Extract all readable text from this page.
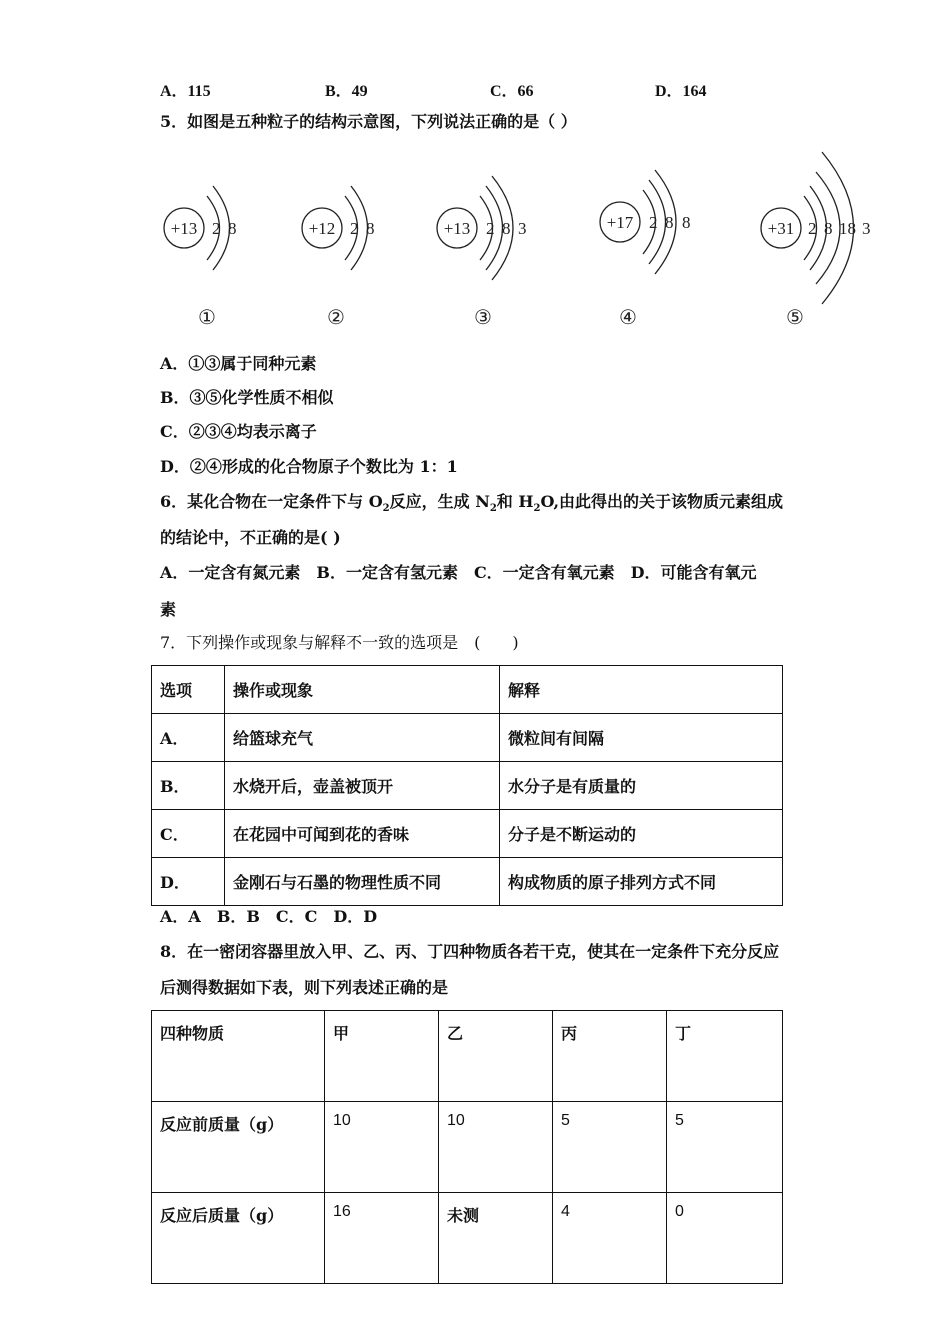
A．115	B．49	C．66	D．164
5．如图是五种粒子的结构示意图，下列说法正确的是（ ）
+13 2 8	+12 2 8	+13 2 8 3	+17 2 8 8	+31 2 8 18 3
①	②	③	④	⑤
A．①③属于同种元素
B．③⑤化学性质不相似
C．②③④均表示离子
D．②④形成的化合物原子个数比为 1：1
6．某化合物在一定条件下与 $O_2$反应，生成 $N_2$和 $H_2O$,由此得出的关于该物质元素组成
的结论中，不正确的是( )
A．一定含有氮元素　B．一定含有氢元素　C．一定含有氧元素　D．可能含有氧元
素
7．下列操作或现象与解释不一致的选项是　(　　)
选项	操作或现象	解释
A．	给篮球充气	微粒间有间隔
B．	水烧开后，壶盖被顶开	水分子是有质量的
C．	在花园中可闻到花的香味	分子是不断运动的
D．	金刚石与石墨的物理性质不同	构成物质的原子排列方式不同
A．A　B．B　C．C　D．D
8．在一密闭容器里放入甲、乙、丙、丁四种物质各若干克，使其在一定条件下充分反应
后测得数据如下表，则下列表述正确的是
四种物质	甲	乙	丙	丁
反应前质量（g）	10	10	5	5
反应后质量（g）	16	未测	4	0
